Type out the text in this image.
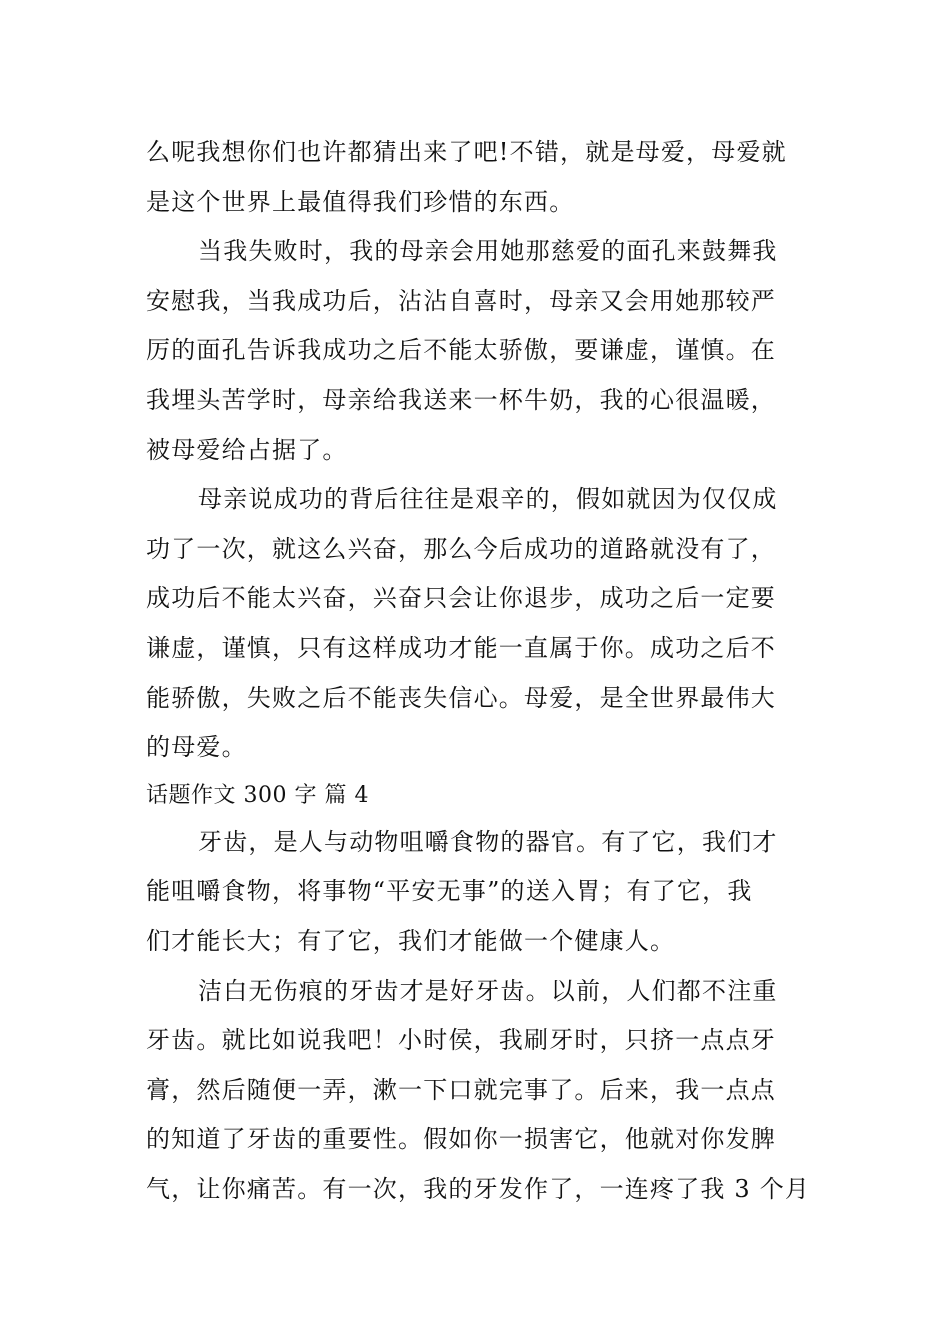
么呢我想你们也许都猜出来了吧!不错，就是母爱，母爱就
是这个世界上最值得我们珍惜的东西。
当我失败时，我的母亲会用她那慈爱的面孔来鼓舞我
安慰我，当我成功后，沾沾自喜时，母亲又会用她那较严
厉的面孔告诉我成功之后不能太骄傲，要谦虚，谨慎。在
我埋头苦学时，母亲给我送来一杯牛奶，我的心很温暖，
被母爱给占据了。
母亲说成功的背后往往是艰辛的，假如就因为仅仅成
功了一次，就这么兴奋，那么今后成功的道路就没有了，
成功后不能太兴奋，兴奋只会让你退步，成功之后一定要
谦虚，谨慎，只有这样成功才能一直属于你。成功之后不
能骄傲，失败之后不能丧失信心。母爱，是全世界最伟大
的母爱。
话题作文 300 字 篇 4
牙齿，是人与动物咀嚼食物的器官。有了它，我们才
能咀嚼食物，将事物“平安无事”的送入胃；有了它，我
们才能长大；有了它，我们才能做一个健康人。
洁白无伤痕的牙齿才是好牙齿。以前，人们都不注重
牙齿。就比如说我吧！小时侯，我刷牙时，只挤一点点牙
膏，然后随便一弄，漱一下口就完事了。后来，我一点点
的知道了牙齿的重要性。假如你一损害它，他就对你发脾
气，让你痛苦。有一次，我的牙发作了，一连疼了我 3 个月
